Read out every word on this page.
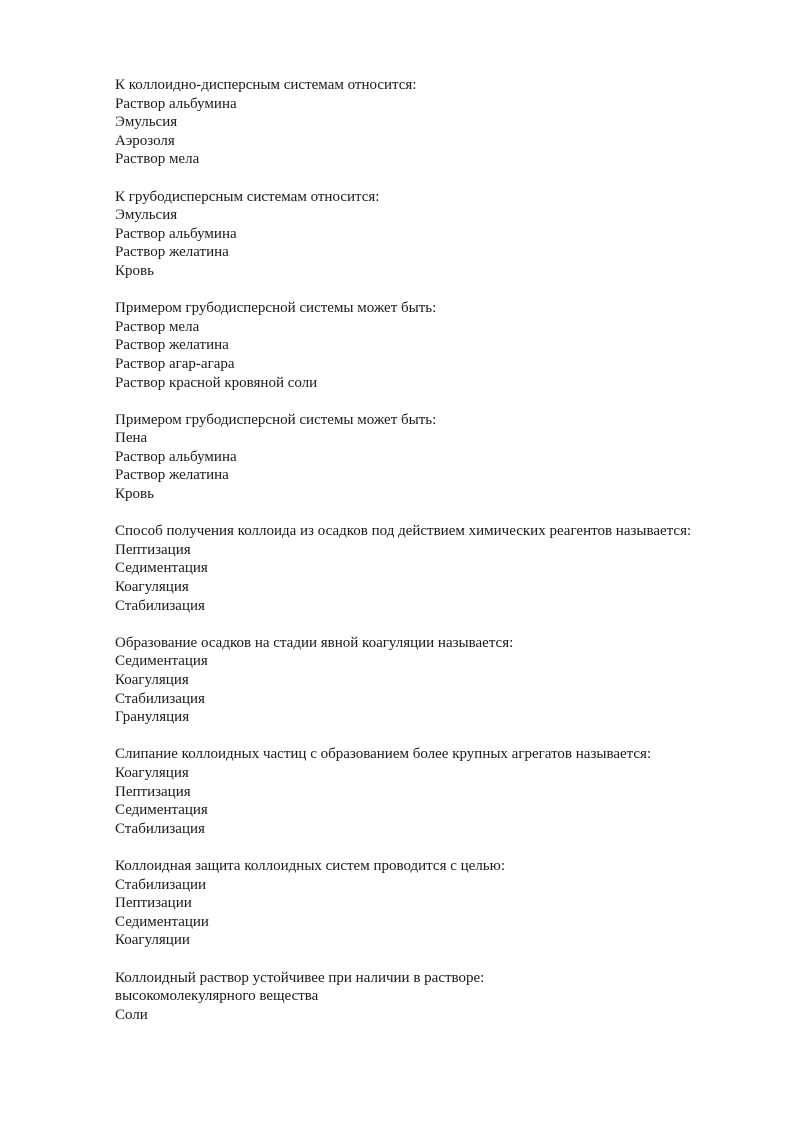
К коллоидно-дисперсным системам относится:
Раствор альбумина
Эмульсия
Аэрозоля
Раствор мела
К грубодисперсным системам относится:
Эмульсия
Раствор альбумина
Раствор желатина
Кровь
Примером грубодисперсной системы может быть:
Раствор мела
Раствор желатина
Раствор агар-агара
Раствор красной кровяной соли
Примером грубодисперсной системы может быть:
Пена
Раствор альбумина
Раствор желатина
Кровь
Способ получения коллоида из осадков под действием химических реагентов называется:
Пептизация
Седиментация
Коагуляция
Стабилизация
Образование осадков на стадии явной коагуляции называется:
Седиментация
Коагуляция
Стабилизация
Грануляция
Слипание коллоидных частиц с образованием более крупных агрегатов называется:
Коагуляция
Пептизация
Седиментация
Стабилизация
Коллоидная защита коллоидных систем проводится с целью:
Стабилизации
Пептизации
Седиментации
Коагуляции
Коллоидный раствор устойчивее при наличии в растворе:
высокомолекулярного вещества
Соли
